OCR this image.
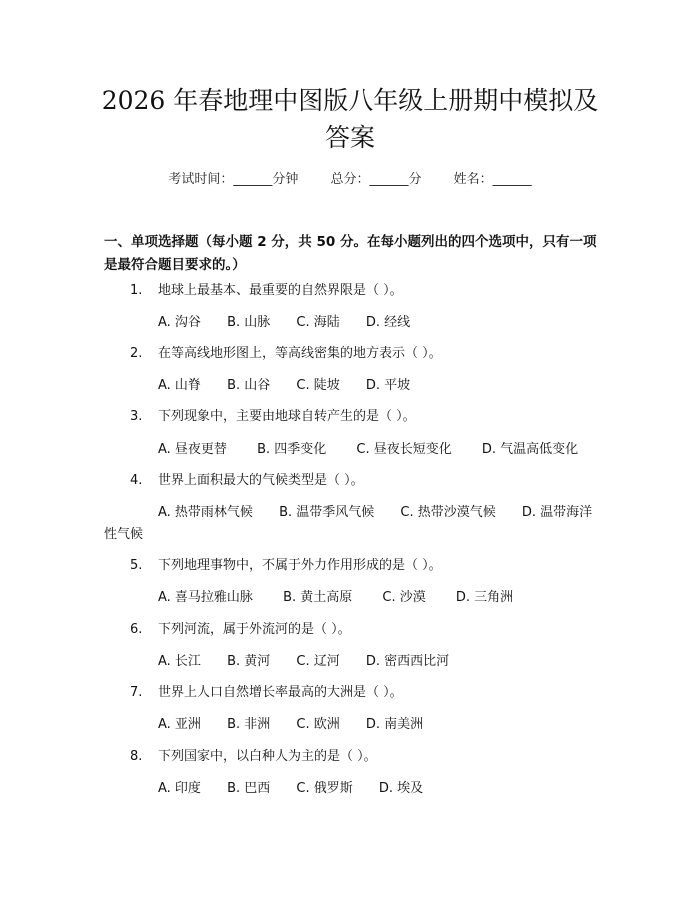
2026 年春地理中图版八年级上册期中模拟及
答案
考试时间：______分钟 总分：______分 姓名：______
一、单项选择题（每小题 2 分，共 50 分。在每小题列出的四个选项中，只有一项是最符合题目要求的。）
1. 地球上最基本、最重要的自然界限是（ ）。
A. 沟谷 B. 山脉 C. 海陆 D. 经线
2. 在等高线地形图上，等高线密集的地方表示（ ）。
A. 山脊 B. 山谷 C. 陡坡 D. 平坡
3. 下列现象中，主要由地球自转产生的是（ ）。
A. 昼夜更替 B. 四季变化 C. 昼夜长短变化 D. 气温高低变化
4. 世界上面积最大的气候类型是（ ）。
A. 热带雨林气候 B. 温带季风气候 C. 热带沙漠气候 D. 温带海洋性气候
5. 下列地理事物中，不属于外力作用形成的是（ ）。
A. 喜马拉雅山脉 B. 黄土高原 C. 沙漠 D. 三角洲
6. 下列河流，属于外流河的是（ ）。
A. 长江 B. 黄河 C. 辽河 D. 密西西比河
7. 世界上人口自然增长率最高的大洲是（ ）。
A. 亚洲 B. 非洲 C. 欧洲 D. 南美洲
8. 下列国家中，以白种人为主的是（ ）。
A. 印度 B. 巴西 C. 俄罗斯 D. 埃及
